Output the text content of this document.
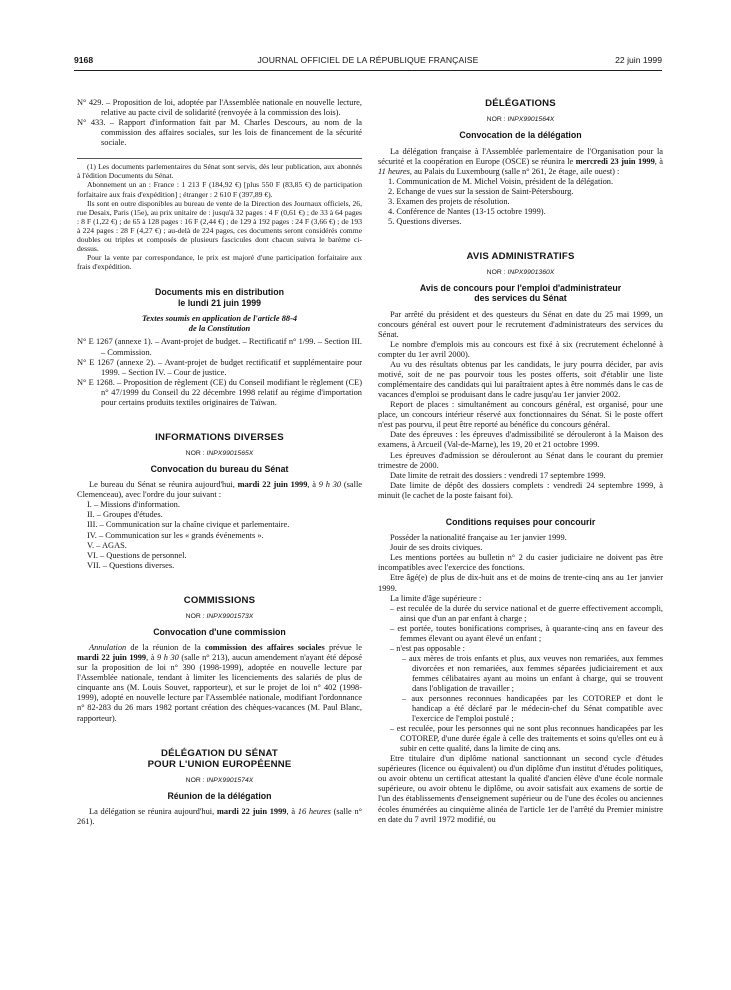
9168	JOURNAL OFFICIEL DE LA RÉPUBLIQUE FRANÇAISE	22 juin 1999

N° 429. – Proposition de loi, adoptée par l'Assemblée nationale en nouvelle lecture, relative au pacte civil de solidarité (renvoyée à la commission des lois).

N° 433. – Rapport d'information fait par M. Charles Descours, au nom de la commission des affaires sociales, sur les lois de financement de la sécurité sociale.

(1) Les documents parlementaires du Sénat sont servis, dès leur publication, aux abonnés à l'édition Documents du Sénat.

Abonnement un an : France : 1 213 F (184,92 €) [plus 550 F (83,85 €) de participation forfaitaire aux frais d'expédition] ; étranger : 2 610 F (397,89 €).

Ils sont en outre disponibles au bureau de vente de la Direction des Journaux officiels, 26, rue Desaix, Paris (15e), au prix unitaire de : jusqu'à 32 pages : 4 F (0,61 €) ; de 33 à 64 pages : 8 F (1,22 €) ; de 65 à 128 pages : 16 F (2,44 €) ; de 129 à 192 pages : 24 F (3,66 €) ; de 193 à 224 pages : 28 F (4,27 €) ; au-delà de 224 pages, ces documents seront considérés comme doubles ou triples et composés de plusieurs fascicules dont chacun suivra le barème ci-dessus.

Pour la vente par correspondance, le prix est majoré d'une participation forfaitaire aux frais d'expédition.

Documents mis en distribution

le lundi 21 juin 1999

Textes soumis en application de l'article 88-4

de la Constitution

N° E 1267 (annexe 1). – Avant-projet de budget. – Rectificatif n° 1/99. – Section III. – Commission.

N° E 1267 (annexe 2). – Avant-projet de budget rectificatif et supplémentaire pour 1999. – Section IV. – Cour de justice.

N° E 1268. – Proposition de règlement (CE) du Conseil modifiant le règlement (CE) n° 47/1999 du Conseil du 22 décembre 1998 relatif au régime d'importation pour certains produits textiles originaires de Taïwan.

INFORMATIONS DIVERSES

NOR : INPX9901565X

Convocation du bureau du Sénat

Le bureau du Sénat se réunira aujourd'hui, mardi 22 juin 1999, à 9 h 30 (salle Clemenceau), avec l'ordre du jour suivant :

I. – Missions d'information.

II. – Groupes d'études.

III. – Communication sur la chaîne civique et parlementaire.

IV. – Communication sur les « grands événements ».

V. – AGAS.

VI. – Questions de personnel.

VII. – Questions diverses.

COMMISSIONS

NOR : INPX9901573X

Convocation d'une commission

Annulation de la réunion de la commission des affaires sociales prévue le mardi 22 juin 1999, à 9 h 30 (salle n° 213), aucun amendement n'ayant été déposé sur la proposition de loi n° 390 (1998-1999), adoptée en nouvelle lecture par l'Assemblée nationale, tendant à limiter les licenciements des salariés de plus de cinquante ans (M. Louis Souvet, rapporteur), et sur le projet de loi n° 402 (1998-1999), adopté en nouvelle lecture par l'Assemblée nationale, modifiant l'ordonnance n° 82-283 du 26 mars 1982 portant création des chèques-vacances (M. Paul Blanc, rapporteur).

DÉLÉGATION DU SÉNAT

POUR L'UNION EUROPÉENNE

NOR : INPX9901574X

Réunion de la délégation

La délégation se réunira aujourd'hui, mardi 22 juin 1999, à 16 heures (salle n° 261).

DÉLÉGATIONS

NOR : INPX9901564X

Convocation de la délégation

La délégation française à l'Assemblée parlementaire de l'Organisation pour la sécurité et la coopération en Europe (OSCE) se réunira le mercredi 23 juin 1999, à 11 heures, au Palais du Luxembourg (salle n° 261, 2e étage, aile ouest) :

1. Communication de M. Michel Voisin, président de la délégation.

2. Echange de vues sur la session de Saint-Pétersbourg.

3. Examen des projets de résolution.

4. Conférence de Nantes (13-15 octobre 1999).

5. Questions diverses.

AVIS ADMINISTRATIFS

NOR : INPX9901360X

Avis de concours pour l'emploi d'administrateur

des services du Sénat

Par arrêté du président et des questeurs du Sénat en date du 25 mai 1999, un concours général est ouvert pour le recrutement d'administrateurs des services du Sénat.

Le nombre d'emplois mis au concours est fixé à six (recrutement échelonné à compter du 1er avril 2000).

Au vu des résultats obtenus par les candidats, le jury pourra décider, par avis motivé, soit de ne pas pourvoir tous les postes offerts, soit d'établir une liste complémentaire des candidats qui lui paraîtraient aptes à être nommés dans le cas de vacances d'emploi se produisant dans le cadre jusqu'au 1er janvier 2002.

Report de places : simultanément au concours général, est organisé, pour une place, un concours intérieur réservé aux fonctionnaires du Sénat. Si le poste offert n'est pas pourvu, il peut être reporté au bénéfice du concours général.

Date des épreuves : les épreuves d'admissibilité se dérouleront à la Maison des examens, à Arcueil (Val-de-Marne), les 19, 20 et 21 octobre 1999.

Les épreuves d'admission se dérouleront au Sénat dans le courant du premier trimestre de 2000.

Date limite de retrait des dossiers : vendredi 17 septembre 1999.

Date limite de dépôt des dossiers complets : vendredi 24 septembre 1999, à minuit (le cachet de la poste faisant foi).

Conditions requises pour concourir

Posséder la nationalité française au 1er janvier 1999.

Jouir de ses droits civiques.

Les mentions portées au bulletin n° 2 du casier judiciaire ne doivent pas être incompatibles avec l'exercice des fonctions.

Etre âgé(e) de plus de dix-huit ans et de moins de trente-cinq ans au 1er janvier 1999.

La limite d'âge supérieure :

– est reculée de la durée du service national et de guerre effectivement accompli, ainsi que d'un an par enfant à charge ;

– est portée, toutes bonifications comprises, à quarante-cinq ans en faveur des femmes élevant ou ayant élevé un enfant ;

– n'est pas opposable :

– aux mères de trois enfants et plus, aux veuves non remariées, aux femmes divorcées et non remariées, aux femmes séparées judiciairement et aux femmes célibataires ayant au moins un enfant à charge, qui se trouvent dans l'obligation de travailler ;

– aux personnes reconnues handicapées par les COTOREP et dont le handicap a été déclaré par le médecin-chef du Sénat compatible avec l'exercice de l'emploi postulé ;

– est reculée, pour les personnes qui ne sont plus reconnues handicapées par les COTOREP, d'une durée égale à celle des traitements et soins qu'elles ont eu à subir en cette qualité, dans la limite de cinq ans.

Etre titulaire d'un diplôme national sanctionnant un second cycle d'études supérieures (licence ou équivalent) ou d'un diplôme d'un institut d'études politiques, ou avoir obtenu un certificat attestant la qualité d'ancien élève d'une école normale supérieure, ou avoir obtenu le diplôme, ou avoir satisfait aux examens de sortie de l'un des établissements d'enseignement supérieur ou de l'une des écoles ou anciennes écoles énumérées au cinquième alinéa de l'article 1er de l'arrêté du Premier ministre en date du 7 avril 1972 modifié, ou
